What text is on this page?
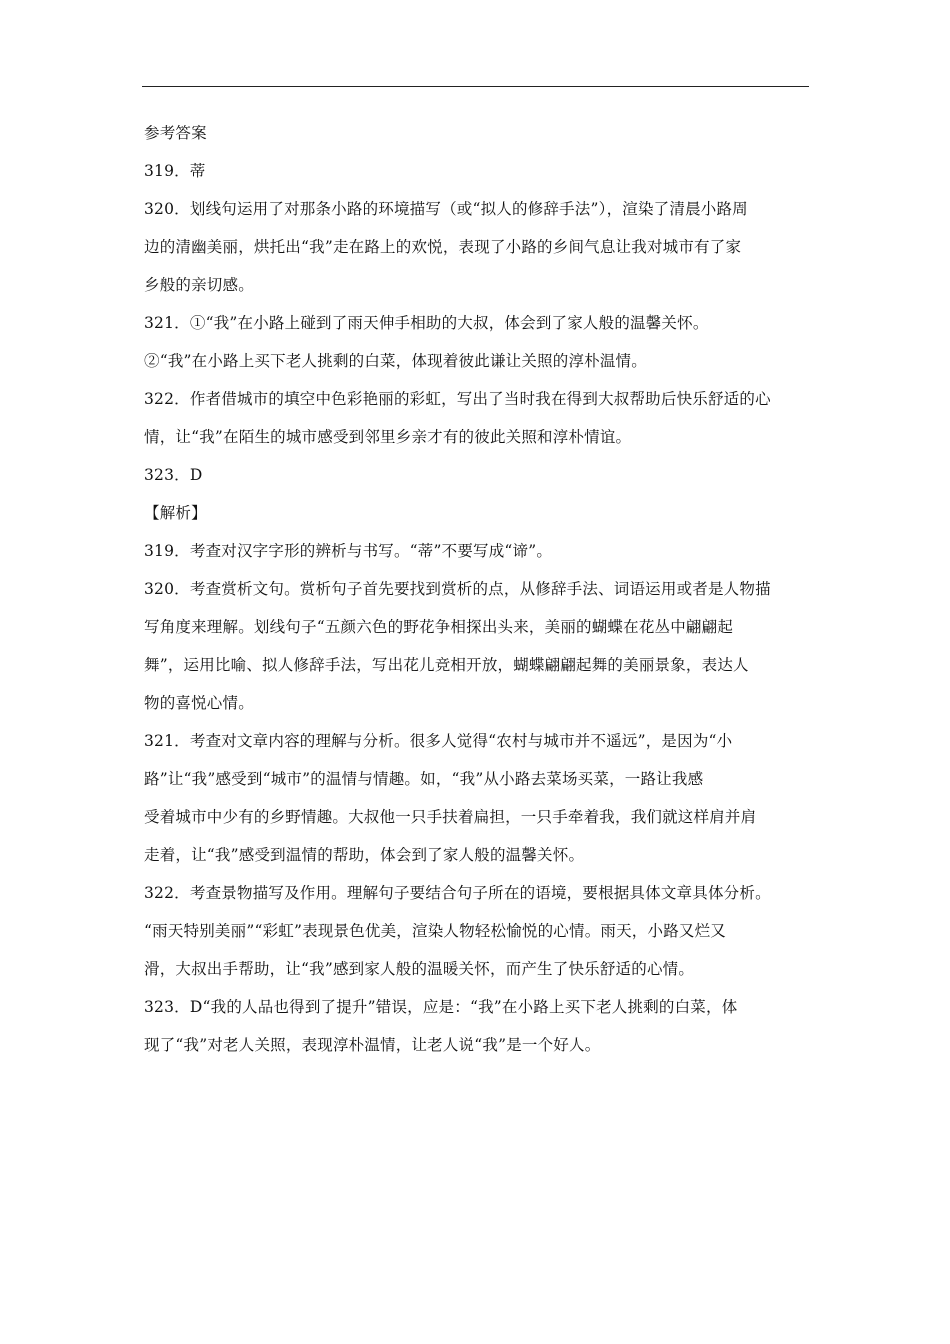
参考答案
319．蒂
320．划线句运用了对那条小路的环境描写（或“拟人的修辞手法”），渲染了清晨小路周
边的清幽美丽，烘托出“我”走在路上的欢悦，表现了小路的乡间气息让我对城市有了家
乡般的亲切感。
321．①“我”在小路上碰到了雨天伸手相助的大叔，体会到了家人般的温馨关怀。
②“我”在小路上买下老人挑剩的白菜，体现着彼此谦让关照的淳朴温情。
322．作者借城市的填空中色彩艳丽的彩虹，写出了当时我在得到大叔帮助后快乐舒适的心
情，让“我”在陌生的城市感受到邻里乡亲才有的彼此关照和淳朴情谊。
323．D
【解析】
319．考查对汉字字形的辨析与书写。“蒂”不要写成“谛”。
320．考查赏析文句。赏析句子首先要找到赏析的点，从修辞手法、词语运用或者是人物描
写角度来理解。划线句子“五颜六色的野花争相探出头来，美丽的蝴蝶在花丛中翩翩起
舞”，运用比喻、拟人修辞手法，写出花儿竞相开放，蝴蝶翩翩起舞的美丽景象，表达人
物的喜悦心情。
321．考查对文章内容的理解与分析。很多人觉得“农村与城市并不遥远”，是因为“小
路”让“我”感受到“城市”的温情与情趣。如，“我”从小路去菜场买菜，一路让我感
受着城市中少有的乡野情趣。大叔他一只手扶着扁担，一只手牵着我，我们就这样肩并肩
走着，让“我”感受到温情的帮助，体会到了家人般的温馨关怀。
322．考查景物描写及作用。理解句子要结合句子所在的语境，要根据具体文章具体分析。
“雨天特别美丽”“彩虹”表现景色优美，渲染人物轻松愉悦的心情。雨天，小路又烂又
滑，大叔出手帮助，让“我”感到家人般的温暖关怀，而产生了快乐舒适的心情。
323．D“我的人品也得到了提升”错误，应是：“我”在小路上买下老人挑剩的白菜，体
现了“我”对老人关照，表现淳朴温情，让老人说“我”是一个好人。
